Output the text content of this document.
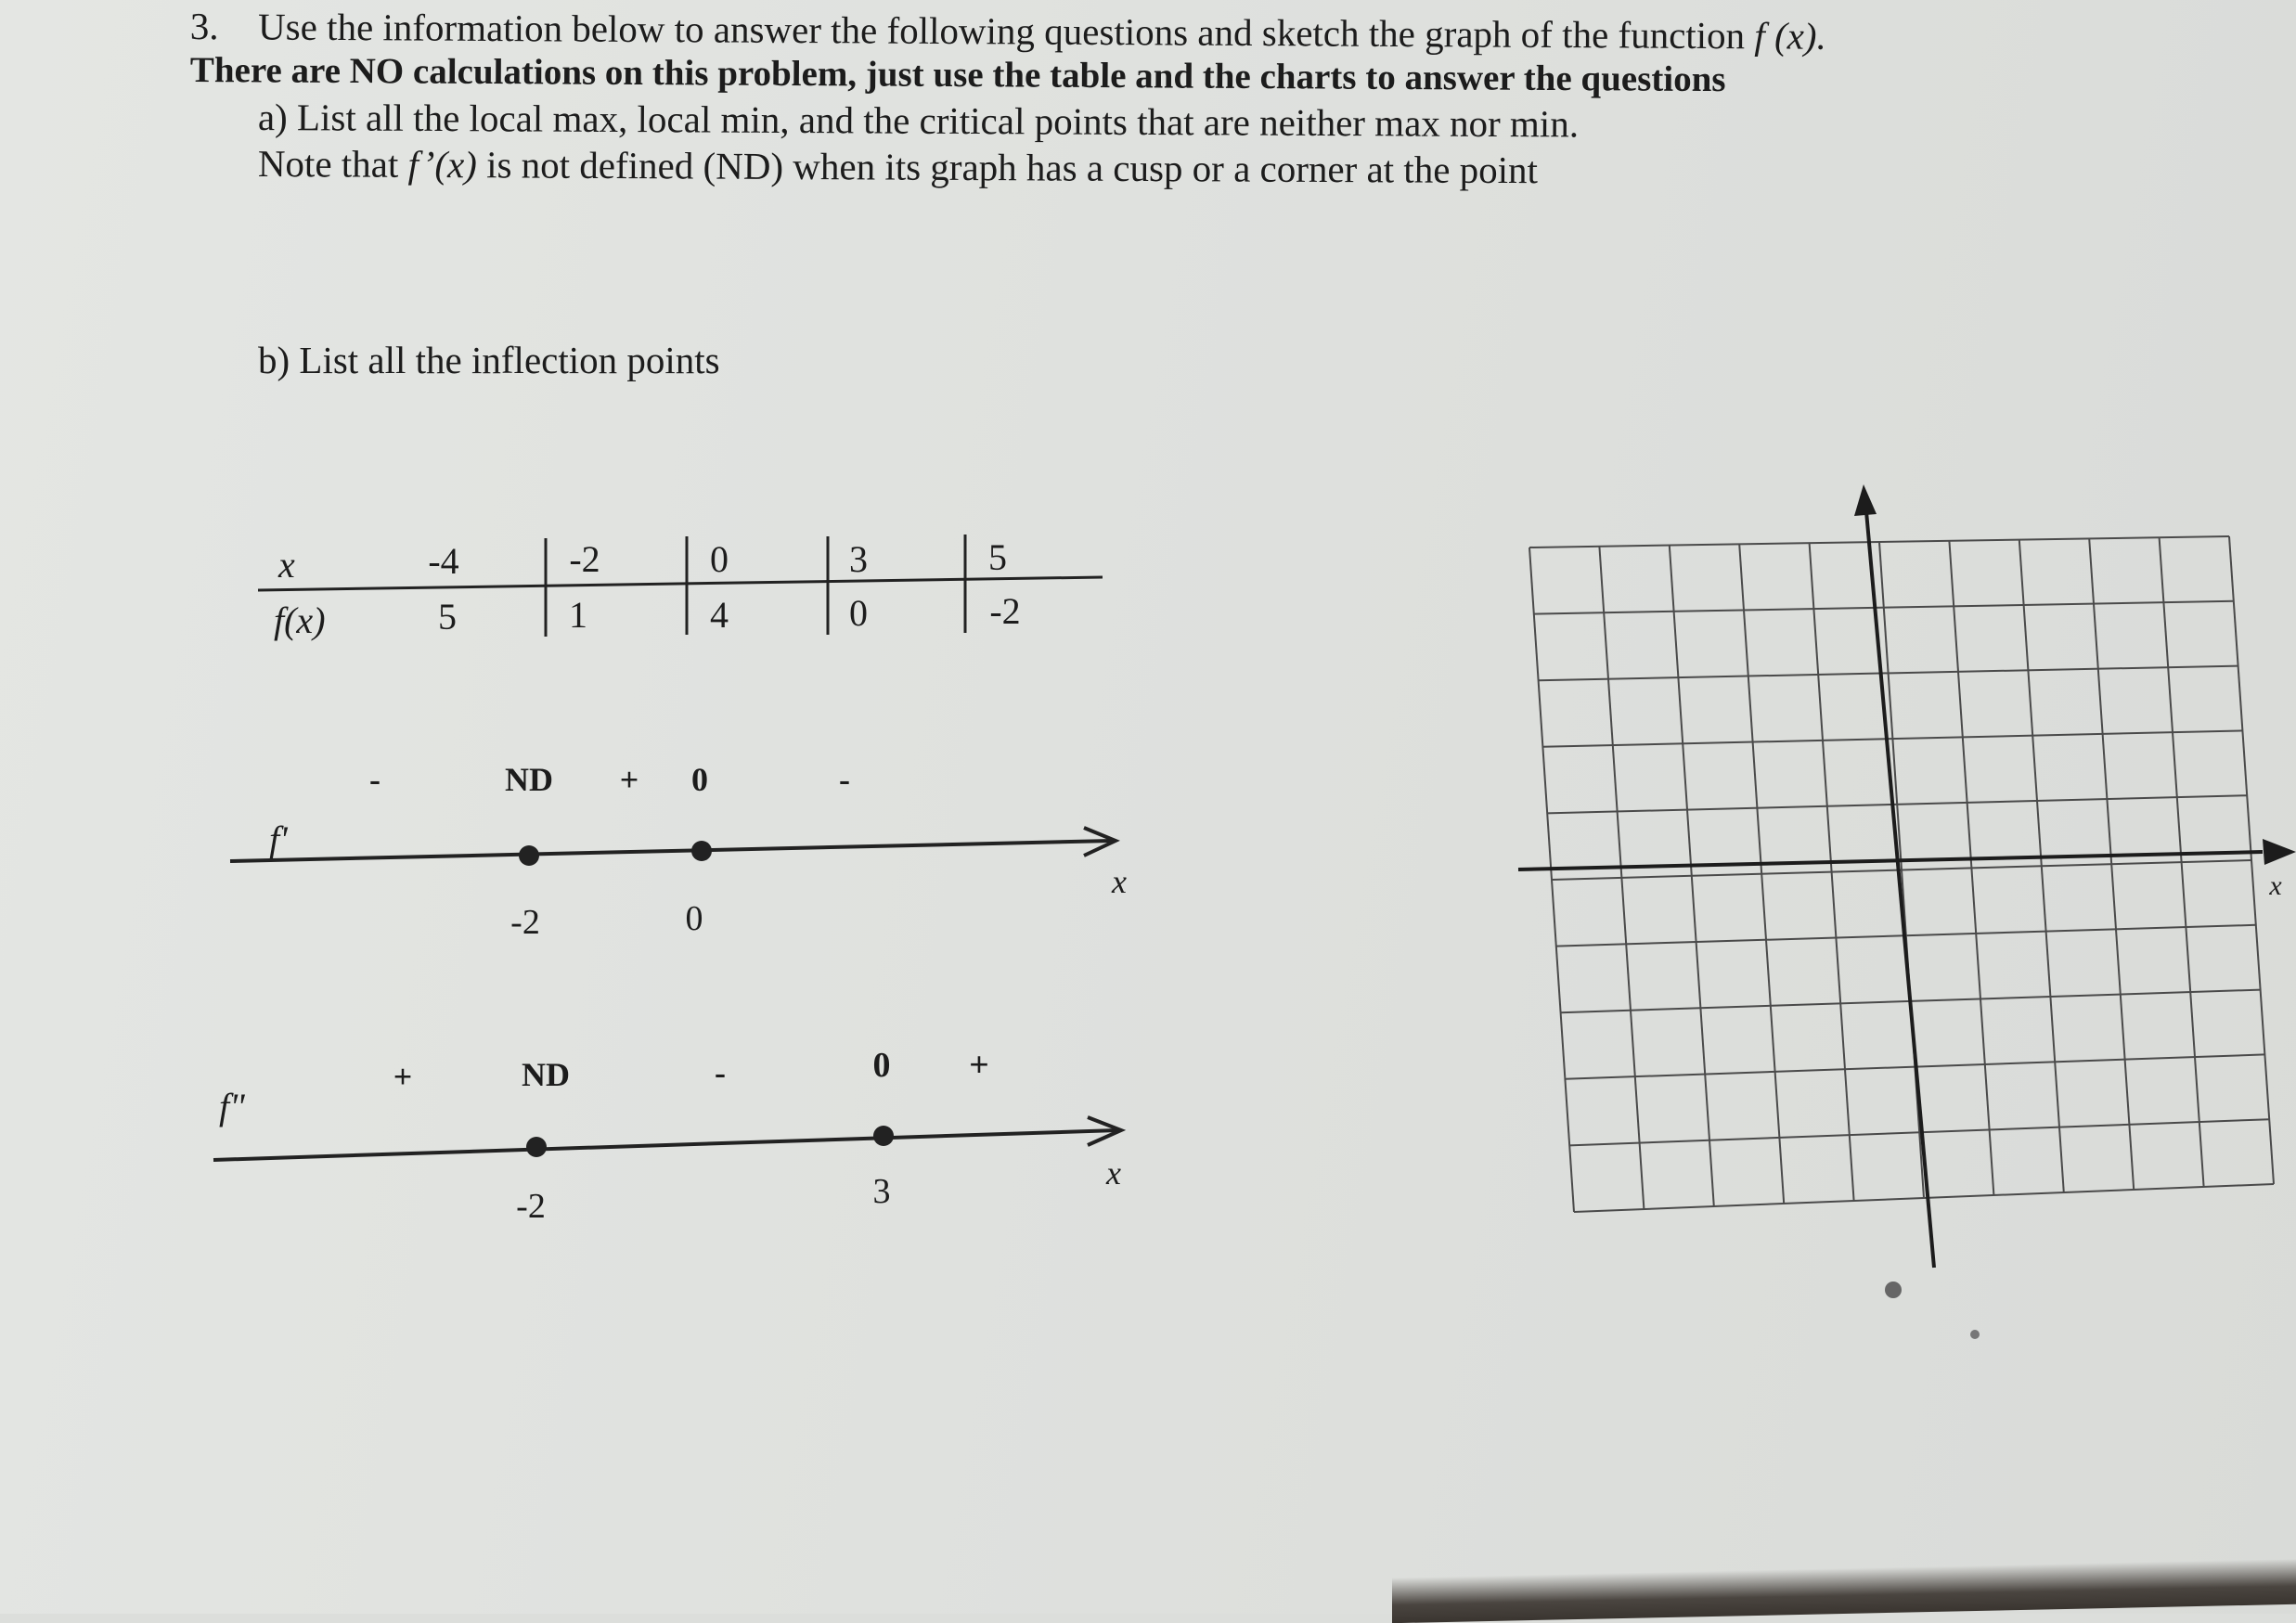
3. Use the information below to answer the following questions and sketch the graph of the function f (x).
There are NO calculations on this problem, just use the table and the charts to answer the questions
a) List all the local max, local min, and the critical points that are neither max nor min.
Note that f’(x) is not defined (ND) when its graph has a cusp or a corner at the point
b) List all the inflection points
x
f(x)
-4	-2	0	3	5
5	1	4	0	-2
f'
-	ND + 0	-
-2	0
x
f"
+	ND	-	0 +
-2	3	x
x
